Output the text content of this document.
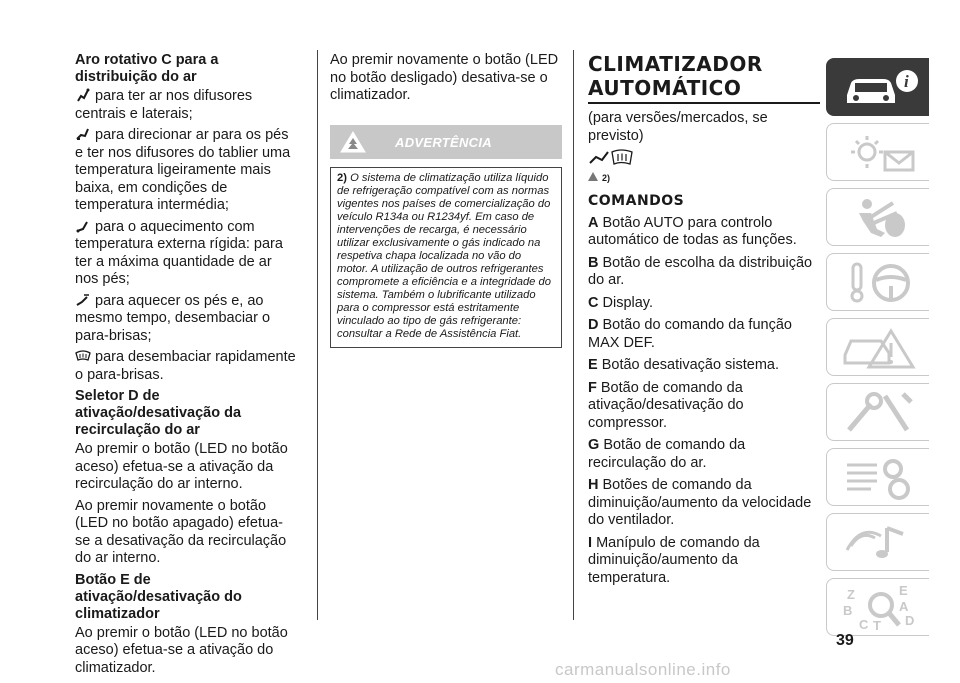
Aro rotativo C para a distribuição do ar

para ter ar nos difusores centrais e laterais;

para direcionar ar para os pés e ter nos difusores do tablier uma temperatura ligeiramente mais baixa, em condições de temperatura intermédia;

para o aquecimento com temperatura externa rígida: para ter a máxima quantidade de ar nos pés;

para aquecer os pés e, ao mesmo tempo, desembaciar o para-brisas;

para desembaciar rapidamente o para-brisas.

Seletor D de ativação/desativação da recirculação do ar

Ao premir o botão (LED no botão aceso) efetua-se a ativação da recirculação do ar interno.

Ao premir novamente o botão (LED no botão apagado) efetua-se a desativação da recirculação do ar interno.

Botão E de ativação/desativação do climatizador

Ao premir o botão (LED no botão aceso) efetua-se a ativação do climatizador.

Ao premir novamente o botão (LED no botão desligado) desativa-se o climatizador.

ADVERTÊNCIA
2) O sistema de climatização utiliza líquido de refrigeração compatível com as normas vigentes nos países de comercialização do veículo R134a ou R1234yf. Em caso de intervenções de recarga, é necessário utilizar exclusivamente o gás indicado na respetiva chapa localizada no vão do motor. A utilização de outros refrigerantes compromete a eficiência e a integridade do sistema. Também o lubrificante utilizado para o compressor está estritamente vinculado ao tipo de gás refrigerante: consultar a Rede de Assistência Fiat.
CLIMATIZADOR
AUTOMÁTICO

(para versões/mercados, se previsto)

2)
COMANDOS

A Botão AUTO para controlo automático de todas as funções.

B Botão de escolha da distribuição do ar.

C Display.

D Botão do comando da função MAX DEF.

E Botão desativação sistema.

F Botão de comando da ativação/desativação do compressor.

G Botão de comando da recirculação do ar.

H Botões de comando da diminuição/aumento da velocidade do ventilador.

I Manípulo de comando da diminuição/aumento da temperatura.

i
Z	E
B	A
C T D
39
carmanualsonline.info
